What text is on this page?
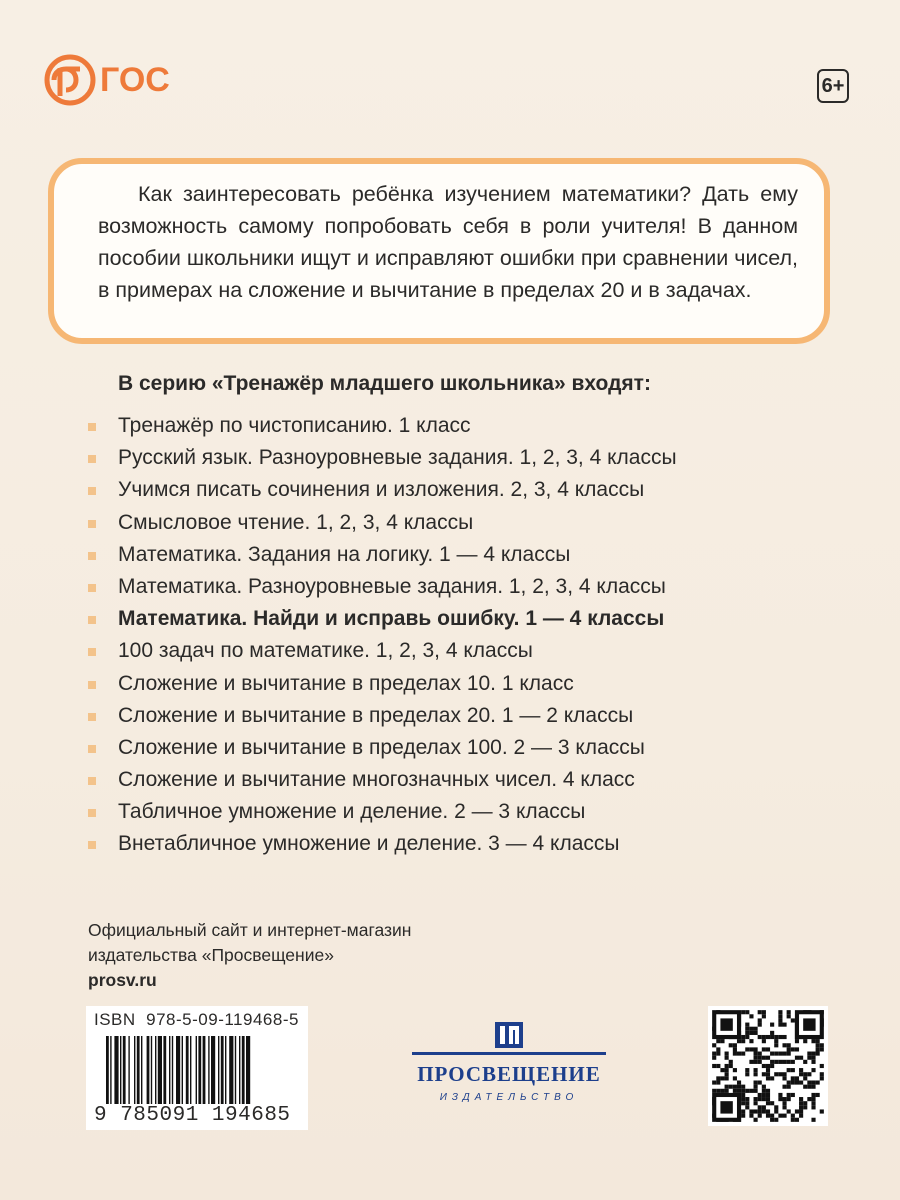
ГОС	6+

Как заинтересовать ребёнка изучением математики? Дать ему возможность самому попробовать себя в роли учителя! В данном пособии школьники ищут и исправляют ошибки при сравнении чисел, в примерах на сложение и вычитание в пределах 20 и в задачах.

В серию «Тренажёр младшего школьника» входят:
Тренажёр по чистописанию. 1 класс
Русский язык. Разноуровневые задания. 1, 2, 3, 4 классы
Учимся писать сочинения и изложения. 2, 3, 4 классы
Смысловое чтение. 1, 2, 3, 4 классы
Математика. Задания на логику. 1 — 4 классы
Математика. Разноуровневые задания. 1, 2, 3, 4 классы
Математика. Найди и исправь ошибку. 1 — 4 классы
100 задач по математике. 1, 2, 3, 4 классы
Сложение и вычитание в пределах 10. 1 класс
Сложение и вычитание в пределах 20. 1 — 2 классы
Сложение и вычитание в пределах 100. 2 — 3 классы
Сложение и вычитание многозначных чисел. 4 класс
Табличное умножение и деление. 2 — 3 классы
Внетабличное умножение и деление. 3 — 4 классы
Официальный сайт и интернет-магазин
издательства «Просвещение»
prosv.ru
ISBN 978-5-09-119468-5
9 785091 194685
ПРОСВЕЩЕНИЕ
ИЗДАТЕЛЬСТВО
